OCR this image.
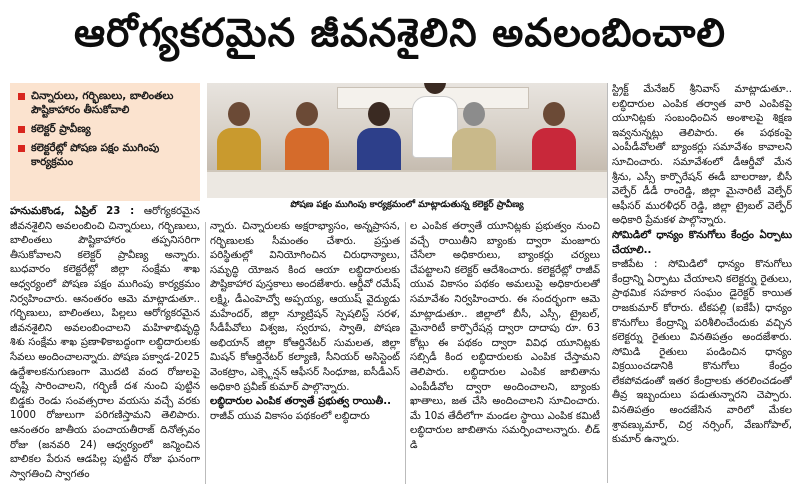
ఆరోగ్యకరమైన జీవనశైలిని అవలంబించాలి
చిన్నారులు, గర్భిణులు, బాలింతలు పౌష్టికాహారం తీసుకోవాలి
కలెక్టర్ ప్రావీణ్య
కలెక్టరేట్లో పోషణ పక్షం ముగింపు కార్యక్రమం
పోషణ పక్షం ముగింపు కార్యక్రమంలో మాట్లాడుతున్న కలెక్టర్ ప్రావీణ్య

హనుమకొండ, ఏప్రిల్ 23 : ఆరోగ్యకరమైన జీవనశైలిని అవలంబించి చిన్నారులు, గర్భిణులు, బాలింతలు పౌష్టికాహారం తప్పనిసరిగా తీసుకోవాలని కలెక్టర్ ప్రావీణ్య అన్నారు. బుధవారం కలెక్టరేట్లో జిల్లా సంక్షేమ శాఖ ఆధ్వర్యంలో పోషణ పక్షం ముగింపు కార్యక్రమం నిర్వహించారు. ఆనంతరం ఆమె మాట్లాడుతూ.. గర్భిణులు, బాలింతలు, పిల్లలు ఆరోగ్యకరమైన జీవనశైలిని అవలంబించాలని మహిళాభివృద్ధి శిశు సంక్షేమ శాఖ ప్రణాళికాబద్ధంగా లబ్ధిదారులకు సేవలు అందించాలన్నారు. పోషణ పక్వాడ-2025 ఉద్దేశాలకనుగుణంగా మొదటి వంద రోజులపై దృష్టి సారించాలని, గర్భిణీ దశ నుంచి పుట్టిన బిడ్డకు రెండు సంవత్సరాల వయసు వచ్చే వరకు 1000 రోజులుగా పరిగణిస్తామని తెలిపారు. ఆనంతరం జాతీయ పంచాయతీరాజ్ దినోత్సవం రోజు (జనవరి 24) ఆధ్వర్యంలో జన్మించిన బాలికల పేరున ఆడపిల్ల పుట్టిన రోజు ఘనంగా స్వాగతించి స్వాగతం

న్నారు. చిన్నారులకు అక్షరాభ్యాసం, అన్నప్రాసన, గర్భిణులకు సీమంతం చేశారు. ప్రస్తుత పరిస్థితుల్లో వినియోగించిన చిరుధాన్యాలు, సమృద్ధి యోజన కింద ఆయా లబ్ధిదారులకు పౌష్టికాహార పుస్తకాలు అందజేశారు. ఆర్డీవో రమేష్ లక్ష్మి, డీఎంహెచ్వో అప్పయ్య, ఆయుష్ వైద్యుడు మహేందర్, జిల్లా న్యూట్రిషన్ స్పెషలిస్ట్ సరళ, సీడీపీవోలు విశ్వజ, స్వరూప, స్వాతి, పోషణ అభియాన్ జిల్లా కోఆర్డినేటర్ సుమలత, జిల్లా మిషన్ కోఆర్డినేటర్ కల్యాణి, సీనియర్ అసిస్టెంట్ వెంకట్రాం, ఎక్స్టెన్షన్ ఆఫీసర్ సింధూజ, ఐసీడీఎస్ అధికారి ప్రవీణ్ కుమార్ పాల్గొన్నారు.

లబ్ధిదారుల ఎంపిక తర్వాతే ప్రభుత్వ రాయితీ..

రాజీవ్ యువ వికాసం పథకంలో లబ్ధిదారు

ల ఎంపిక తర్వాతే యూనిట్లకు ప్రభుత్వం నుంచి వచ్చే రాయితీని బ్యాంకు ద్వారా మంజూరు చేసేలా అధికారులు, బ్యాంకర్లు చర్యలు చేపట్టాలని కలెక్టర్ ఆదేశించారు. కలెక్టరేట్లో రాజీవ్ యువ వికాసం పథకం అమలుపై అధికారులతో సమావేశం నిర్వహించారు. ఈ సందర్భంగా ఆమె మాట్లాడుతూ.. జిల్లాలో బీసీ, ఎస్సీ, ట్రైబల్, మైనారిటీ కార్పొరేషన్ల ద్వారా దాదాపు రూ. 63 కోట్లు ఈ పథకం ద్వారా వివిధ యూనిట్లకు సబ్సిడీ కింద లబ్ధిదారులకు ఎంపిక చేస్తామని తెలిపారు. లబ్ధిదారుల ఎంపిక జాబితాను ఎంపీడీవోల ద్వారా అందించాలని, బ్యాంకు ఖాతాలు, జత చేసి అందించాలని సూచించారు. మే 10వ తేదీలోగా మండల స్థాయి ఎంపిక కమిటీ లబ్ధిదారుల జాబితాను సమర్పించాలన్నారు. లీడ్ డి

స్ట్రిక్ట్ మేనేజర్ శ్రీనివాస్ మాట్లాడుతూ.. లబ్ధిదారుల ఎంపిక తర్వాత వారి ఎంపికపై యూనిట్లకు సంబంధించిన అంశాలపై శిక్షణ ఇవ్వనున్నట్లు తెలిపారు. ఈ పథకంపై ఎంపీడీవోలతో బ్యాంకర్లు సమావేశం కావాలని సూచించారు. సమావేశంలో డీఆర్డీవో మేన శ్రీను, ఎస్సీ కార్పొరేషన్ ఈడీ బాలరాజు, బీసీ వెల్ఫేర్ డీడీ రాంరెడ్డి, జిల్లా మైనారిటీ వెల్ఫేర్ ఆఫీసర్ మురళీధర్ రెడ్డి, జిల్లా ట్రైబల్ వెల్ఫేర్ అధికారి ప్రేమకళ పాల్గొన్నారు.

సోమిడిలో ధాన్యం కొనుగోలు కేంద్రం ఏర్పాటు చేయాలి..

కాజీపేట : సోమిడిలో ధాన్యం కొనుగోలు కేంద్రాన్ని ఏర్పాటు చేయాలని కలెక్టర్ను రైతులు, ప్రాథమిక సహకార సంఘం డైరెక్టర్ కాయిత రాజకుమార్ కోరారు. టీకపల్లి (ఐకేపీ) ధాన్యం కొనుగోలు కేంద్రాన్ని పరిశీలించేందుకు వచ్చిన కలెక్టర్ను రైతులు వినతిపత్రం అందజేశారు. సోమిడి రైతులు పండించిన ధాన్యం విక్రయించడానికి కొనుగోలు కేంద్రం లేకపోవడంతో ఇతర కేంద్రాలకు తరలించడంతో తీవ్ర ఇబ్బందులు పడుతున్నారని చెప్పారు. వినతిపత్రం అందజేసిన వారిలో మేకల శ్రావణ్కుమార్, చిర్ర నర్సింగ్, వేణుగోపాల్, కుమార్ ఉన్నారు.
